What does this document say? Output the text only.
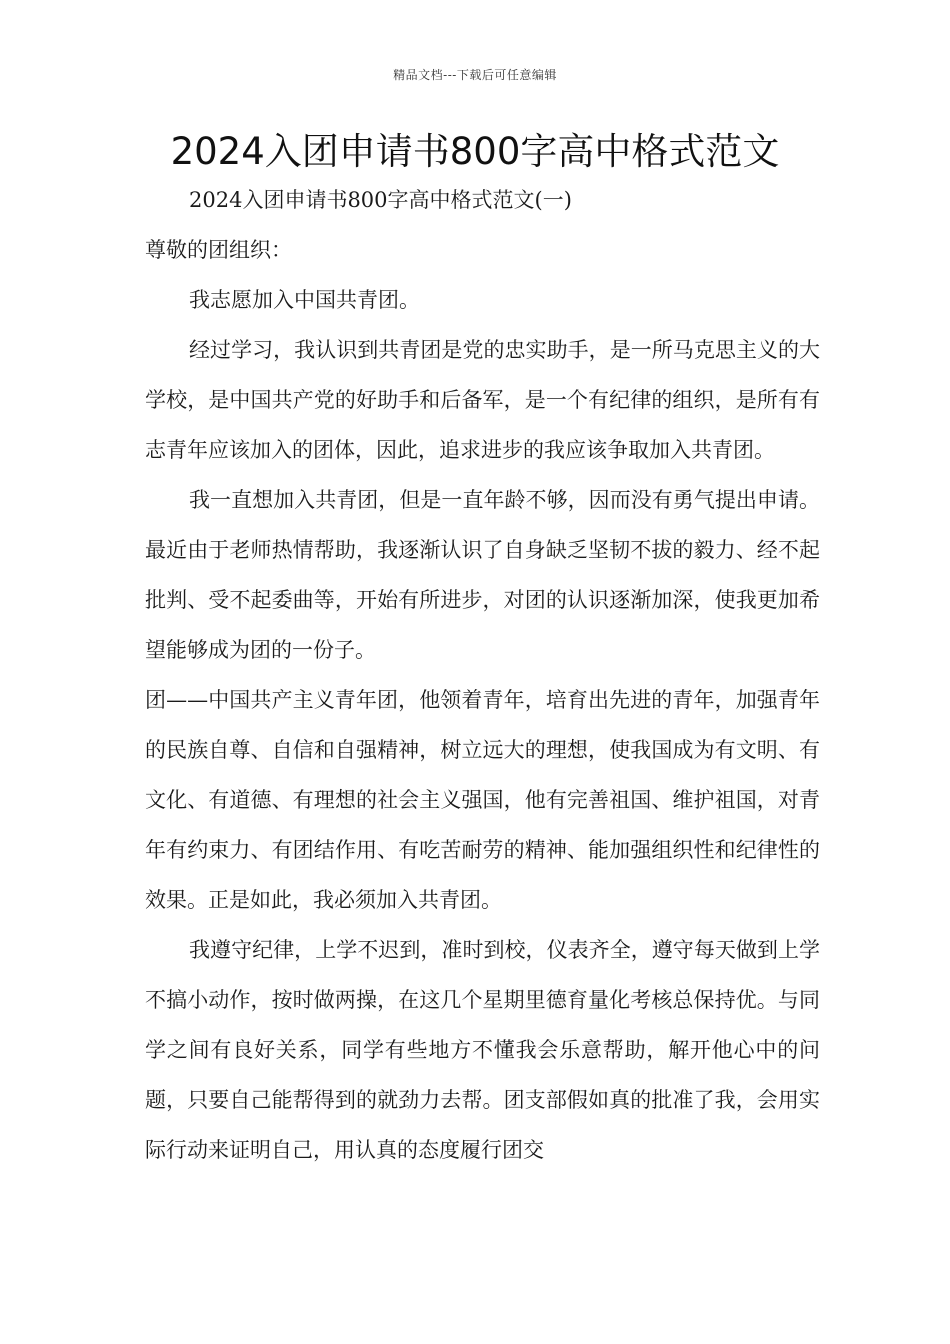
精品文档---下载后可任意编辑
2024入团申请书800字高中格式范文

2024入团申请书800字高中格式范文(一)

尊敬的团组织：

我志愿加入中国共青团。

经过学习，我认识到共青团是党的忠实助手，是一所马克思主义的大学校，是中国共产党的好助手和后备军，是一个有纪律的组织，是所有有志青年应该加入的团体，因此，追求进步的我应该争取加入共青团。

我一直想加入共青团，但是一直年龄不够，因而没有勇气提出申请。最近由于老师热情帮助，我逐渐认识了自身缺乏坚韧不拔的毅力、经不起批判、受不起委曲等，开始有所进步，对团的认识逐渐加深，使我更加希望能够成为团的一份子。

团——中国共产主义青年团，他领着青年，培育出先进的青年，加强青年的民族自尊、自信和自强精神，树立远大的理想，使我国成为有文明、有文化、有道德、有理想的社会主义强国，他有完善祖国、维护祖国，对青年有约束力、有团结作用、有吃苦耐劳的精神、能加强组织性和纪律性的效果。正是如此，我必须加入共青团。

我遵守纪律，上学不迟到，准时到校，仪表齐全，遵守每天做到上学不搞小动作，按时做两操，在这几个星期里德育量化考核总保持优。与同学之间有良好关系，同学有些地方不懂我会乐意帮助，解开他心中的问题，只要自己能帮得到的就劲力去帮。团支部假如真的批准了我，会用实际行动来证明自己，用认真的态度履行团交
